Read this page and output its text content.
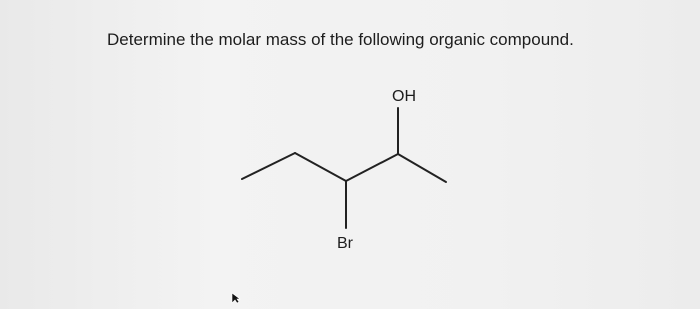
Determine the molar mass of the following organic compound.
OH
Br
